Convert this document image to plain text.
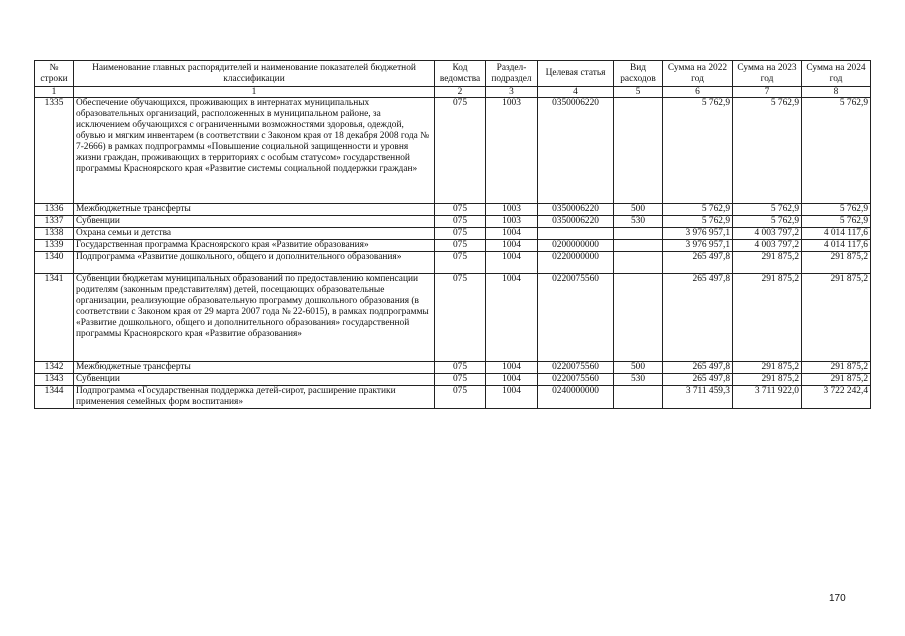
№ строки	Наименование главных распорядителей и наименование показателей бюджетной классификации	Код ведомства	Раздел-подраздел	Целевая статья	Вид расходов	Сумма на 2022 год	Сумма на 2023 год	Сумма на 2024 год
1	1	2	3	4	5	6	7	8
1335	Обеспечение обучающихся, проживающих в интернатах муниципальных образовательных организаций, расположенных в муниципальном районе, за исключением обучающихся с ограниченными возможностями здоровья, одеждой, обувью и мягким инвентарем (в соответствии с Законом края от 18 декабря 2008 года № 7-2666) в рамках подпрограммы «Повышение социальной защищенности и уровня жизни граждан, проживающих в территориях с особым статусом» государственной программы Красноярского края «Развитие системы социальной поддержки граждан»	075	1003	0350006220		5 762,9	5 762,9	5 762,9
1336	Межбюджетные трансферты	075	1003	0350006220	500	5 762,9	5 762,9	5 762,9
1337	Субвенции	075	1003	0350006220	530	5 762,9	5 762,9	5 762,9
1338	Охрана семьи и детства	075	1004			3 976 957,1	4 003 797,2	4 014 117,6
1339	Государственная программа Красноярского края «Развитие образования»	075	1004	0200000000		3 976 957,1	4 003 797,2	4 014 117,6
1340	Подпрограмма «Развитие дошкольного, общего и дополнительного образования»	075	1004	0220000000		265 497,8	291 875,2	291 875,2
1341	Субвенции бюджетам муниципальных образований по предоставлению компенсации родителям (законным представителям) детей, посещающих образовательные организации, реализующие образовательную программу дошкольного образования (в соответствии с Законом края от 29 марта 2007 года № 22-6015), в рамках подпрограммы «Развитие дошкольного, общего и дополнительного образования» государственной программы Красноярского края «Развитие образования»	075	1004	0220075560		265 497,8	291 875,2	291 875,2
1342	Межбюджетные трансферты	075	1004	0220075560	500	265 497,8	291 875,2	291 875,2
1343	Субвенции	075	1004	0220075560	530	265 497,8	291 875,2	291 875,2
1344	Подпрограмма «Государственная поддержка детей-сирот, расширение практики применения семейных форм воспитания»	075	1004	0240000000		3 711 459,3	3 711 922,0	3 722 242,4
170
